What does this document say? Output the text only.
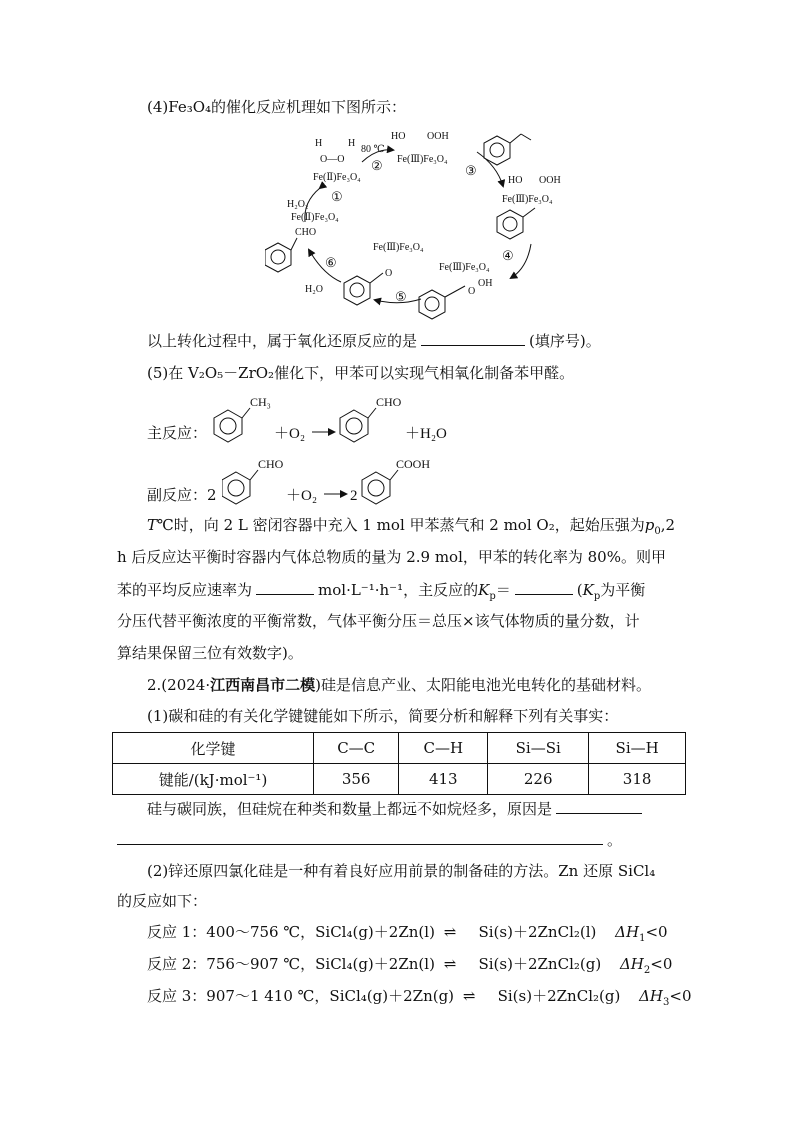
(4)Fe₃O₄的催化反应机理如下图所示：
H	H
O—O
Fe(Ⅱ)Fe₃O₄
HO OOH
Fe(Ⅲ)Fe₃O₄
80 ℃
HO OOH
Fe(Ⅲ)Fe₃O₄
Fe(Ⅲ)Fe₃O₄
OH
O
Fe(Ⅲ)Fe₃O₄
O
Fe(Ⅱ)Fe₃O₄
CHO
H₂O₂
H₂O
①
②	③
④
⑤
⑥
以上转化过程中，属于氧化还原反应的是	(填序号)。
(5)在 V₂O₅－ZrO₂催化下，甲苯可以实现气相氧化制备苯甲醛。
主反应：
CH₃
＋O₂
CHO
＋H₂O
副反应：2
CHO
＋O₂ 2
COOH
T℃时，向 2 L 密闭容器中充入 1 mol 甲苯蒸气和 2 mol O₂，起始压强为$p_0,2$
h 后反应达平衡时容器内气体总物质的量为 2.9 mol，甲苯的转化率为 80%。则甲
苯的平均反应速率为	mol·L⁻¹·h⁻¹，主反应的$K_p=$	($K_p$为平衡
分压代替平衡浓度的平衡常数，气体平衡分压＝总压×该气体物质的量分数，计
算结果保留三位有效数字)。
2.(2024·江西南昌市二模)硅是信息产业、太阳能电池光电转化的基础材料。
(1)碳和硅的有关化学键键能如下所示，简要分析和解释下列有关事实：
化学键	C—C	C—H	Si—Si	Si—H
键能/(kJ·mol⁻¹)	356	413	226	318
硅与碳同族，但硅烷在种类和数量上都远不如烷烃多，原因是
。
(2)锌还原四氯化硅是一种有着良好应用前景的制备硅的方法。Zn 还原 SiCl₄
的反应如下：
反应 1：400～756 ℃，SiCl₄(g)＋2Zn(l) ⇌ Si(s)＋2ZnCl₂(l) $\Delta H_1<0$
反应 2：756～907 ℃，SiCl₄(g)＋2Zn(l) ⇌ Si(s)＋2ZnCl₂(g) $\Delta H_2<0$
反应 3：907～1 410 ℃，SiCl₄(g)＋2Zn(g) ⇌ Si(s)＋2ZnCl₂(g) $\Delta H_3<0$
